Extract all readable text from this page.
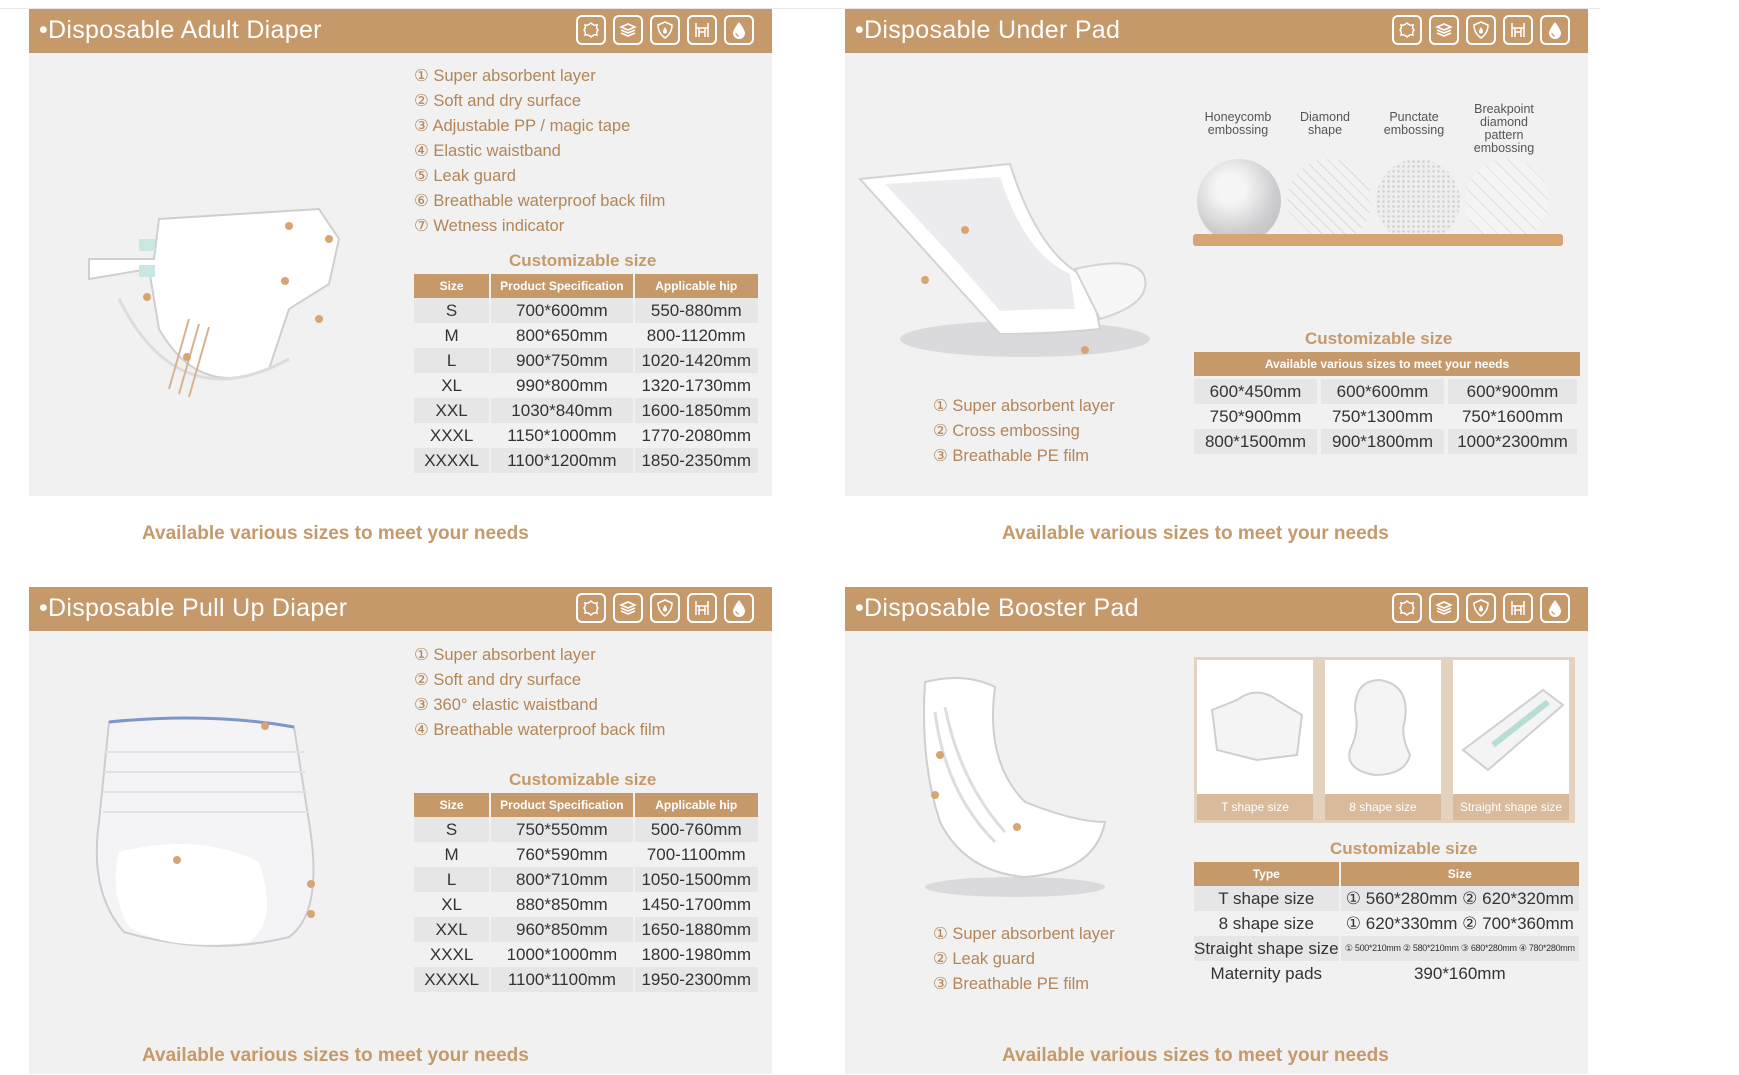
•Disposable Adult Diaper
① Super absorbent layer
② Soft and dry surface
③ Adjustable PP / magic tape
④ Elastic waistband
⑤ Leak guard
⑥ Breathable waterproof back film
⑦ Wetness indicator
Customizable size
Size	Product Specification	Applicable hip
S	700*600mm	550-880mm
M	800*650mm	800-1120mm
L	900*750mm	1020-1420mm
XL	990*800mm	1320-1730mm
XXL	1030*840mm	1600-1850mm
XXXL	1150*1000mm	1770-2080mm
XXXXL	1100*1200mm	1850-2350mm
Available various sizes to meet your needs
•Disposable Under Pad
Honeycomb embossing
Diamond shape
Punctate embossing
Breakpoint diamond pattern embossing
Customizable size
Available various sizes to meet your needs
600*450mm	600*600mm	600*900mm
750*900mm	750*1300mm	750*1600mm
800*1500mm	900*1800mm	1000*2300mm
① Super absorbent layer
② Cross embossing
③ Breathable PE film
Available various sizes to meet your needs
•Disposable Pull Up Diaper
① Super absorbent layer
② Soft and dry surface
③ 360° elastic waistband
④ Breathable waterproof back film
Customizable size
Size	Product Specification	Applicable hip
S	750*550mm	500-760mm
M	760*590mm	700-1100mm
L	800*710mm	1050-1500mm
XL	880*850mm	1450-1700mm
XXL	960*850mm	1650-1880mm
XXXL	1000*1000mm	1800-1980mm
XXXXL	1100*1100mm	1950-2300mm
Available various sizes to meet your needs
•Disposable Booster Pad
T shape size	8 shape size	Straight shape size
Customizable size
Type	Size
T shape size	① 560*280mm ② 620*320mm
8 shape size	① 620*330mm ② 700*360mm
Straight shape size	① 500*210mm ② 580*210mm ③ 680*280mm ④ 780*280mm
Maternity pads	390*160mm
① Super absorbent layer
② Leak guard
③ Breathable PE film
Available various sizes to meet your needs
